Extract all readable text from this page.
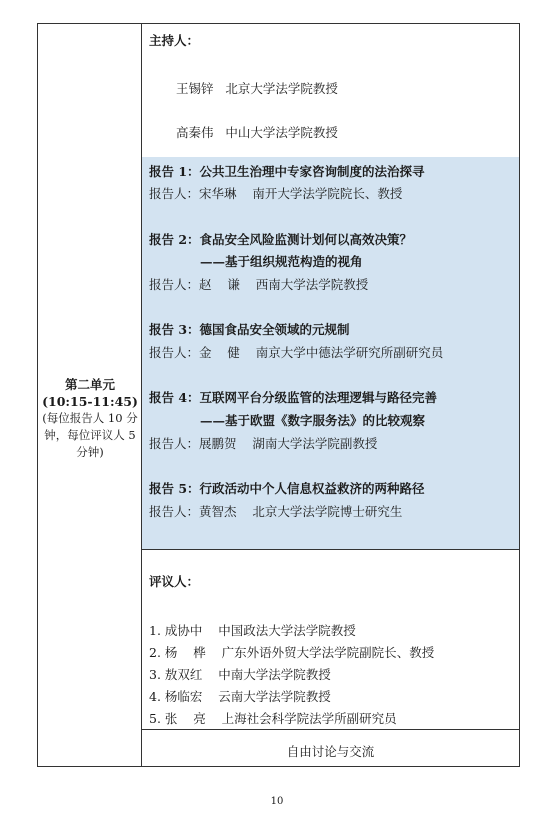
第二单元
(10:15-11:45)
(每位报告人 10 分钟，每位评议人 5 分钟)
主持人：
王锡锌   北京大学法学院教授
高秦伟   中山大学法学院教授
报告 1：公共卫生治理中专家咨询制度的法治探寻
报告人：宋华琳    南开大学法学院院长、教授
报告 2：食品安全风险监测计划何以高效决策？
——基于组织规范构造的视角
报告人：赵    谦    西南大学法学院教授
报告 3：德国食品安全领域的元规制
报告人：金    健    南京大学中德法学研究所副研究员
报告 4：互联网平台分级监管的法理逻辑与路径完善
——基于欧盟《数字服务法》的比较观察
报告人：展鹏贺    湖南大学法学院副教授
报告 5：行政活动中个人信息权益救济的两种路径
报告人：黄智杰    北京大学法学院博士研究生
评议人：
1. 成协中    中国政法大学法学院教授
2. 杨    桦    广东外语外贸大学法学院副院长、教授
3. 敖双红    中南大学法学院教授
4. 杨临宏    云南大学法学院教授
5. 张    亮    上海社会科学院法学所副研究员
自由讨论与交流
10
